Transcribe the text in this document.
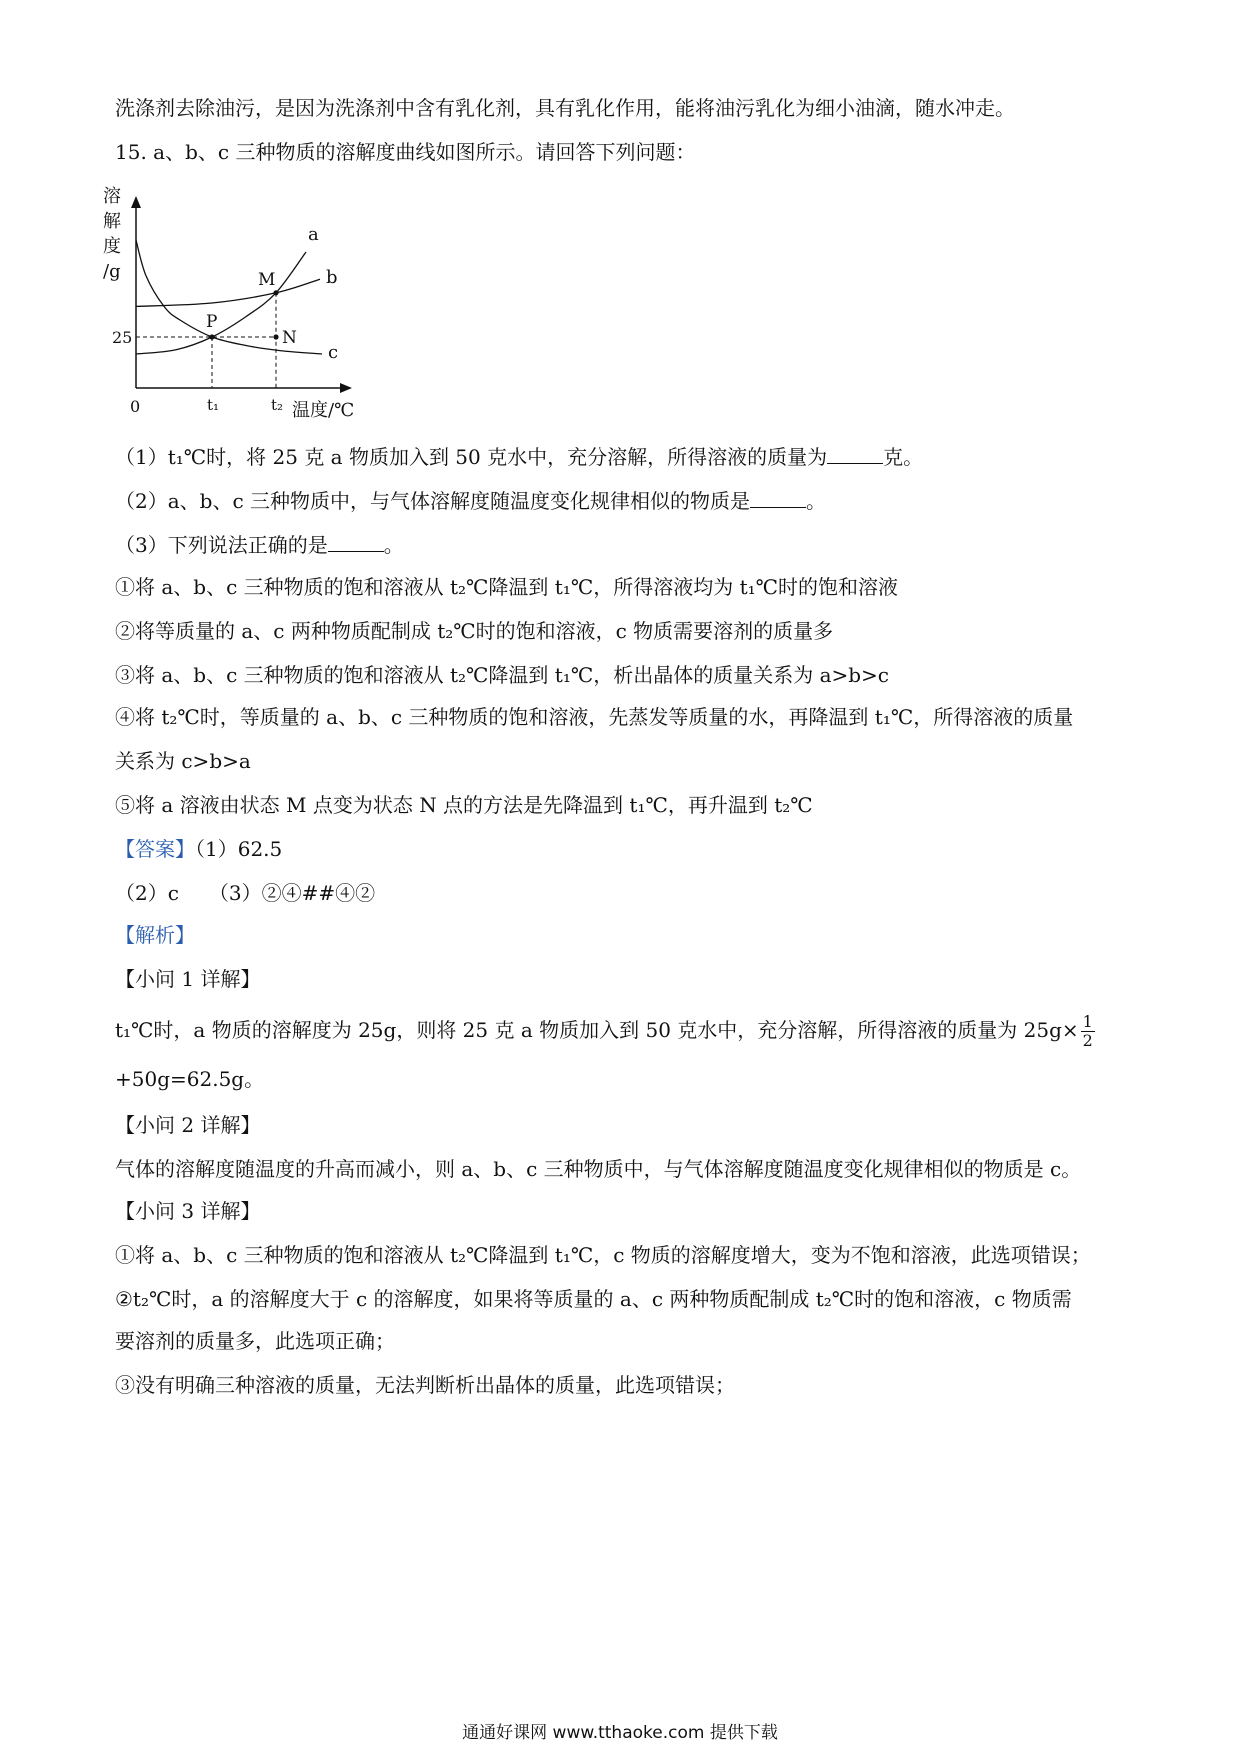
洗涤剂去除油污，是因为洗涤剂中含有乳化剂，具有乳化作用，能将油污乳化为细小油滴，随水冲走。
15. a、b、c 三种物质的溶解度曲线如图所示。请回答下列问题：
溶
解
度
/g
温度/℃
0
25
t₁	t₂
a
b
c
P
M
N
（1）t₁℃时，将 25 克 a 物质加入到 50 克水中，充分溶解，所得溶液的质量为	克。
（2）a、b、c 三种物质中，与气体溶解度随温度变化规律相似的物质是	。
（3）下列说法正确的是	。
①将 a、b、c 三种物质的饱和溶液从 t₂℃降温到 t₁℃，所得溶液均为 t₁℃时的饱和溶液
②将等质量的 a、c 两种物质配制成 t₂℃时的饱和溶液，c 物质需要溶剂的质量多
③将 a、b、c 三种物质的饱和溶液从 t₂℃降温到 t₁℃，析出晶体的质量关系为 a>b>c
④将 t₂℃时，等质量的 a、b、c 三种物质的饱和溶液，先蒸发等质量的水，再降温到 t₁℃，所得溶液的质量
关系为 c>b>a
⑤将 a 溶液由状态 M 点变为状态 N 点的方法是先降温到 t₁℃，再升温到 t₂℃
【答案】（1）62.5
（2）c　　（3）②④##④②
【解析】
【小问 1 详解】
t₁℃时，a 物质的溶解度为 25g，则将 25 克 a 物质加入到 50 克水中，充分溶解，所得溶液的质量为 $25g\times \frac{1}{2}$
+50g=62.5g。
【小问 2 详解】
气体的溶解度随温度的升高而减小，则 a、b、c 三种物质中，与气体溶解度随温度变化规律相似的物质是 c。
【小问 3 详解】
①将 a、b、c 三种物质的饱和溶液从 t₂℃降温到 t₁℃，c 物质的溶解度增大，变为不饱和溶液，此选项错误；
②t₂℃时，a 的溶解度大于 c 的溶解度，如果将等质量的 a、c 两种物质配制成 t₂℃时的饱和溶液，c 物质需
要溶剂的质量多，此选项正确；
③没有明确三种溶液的质量，无法判断析出晶体的质量，此选项错误；
通通好课网 www.tthaoke.com 提供下载
